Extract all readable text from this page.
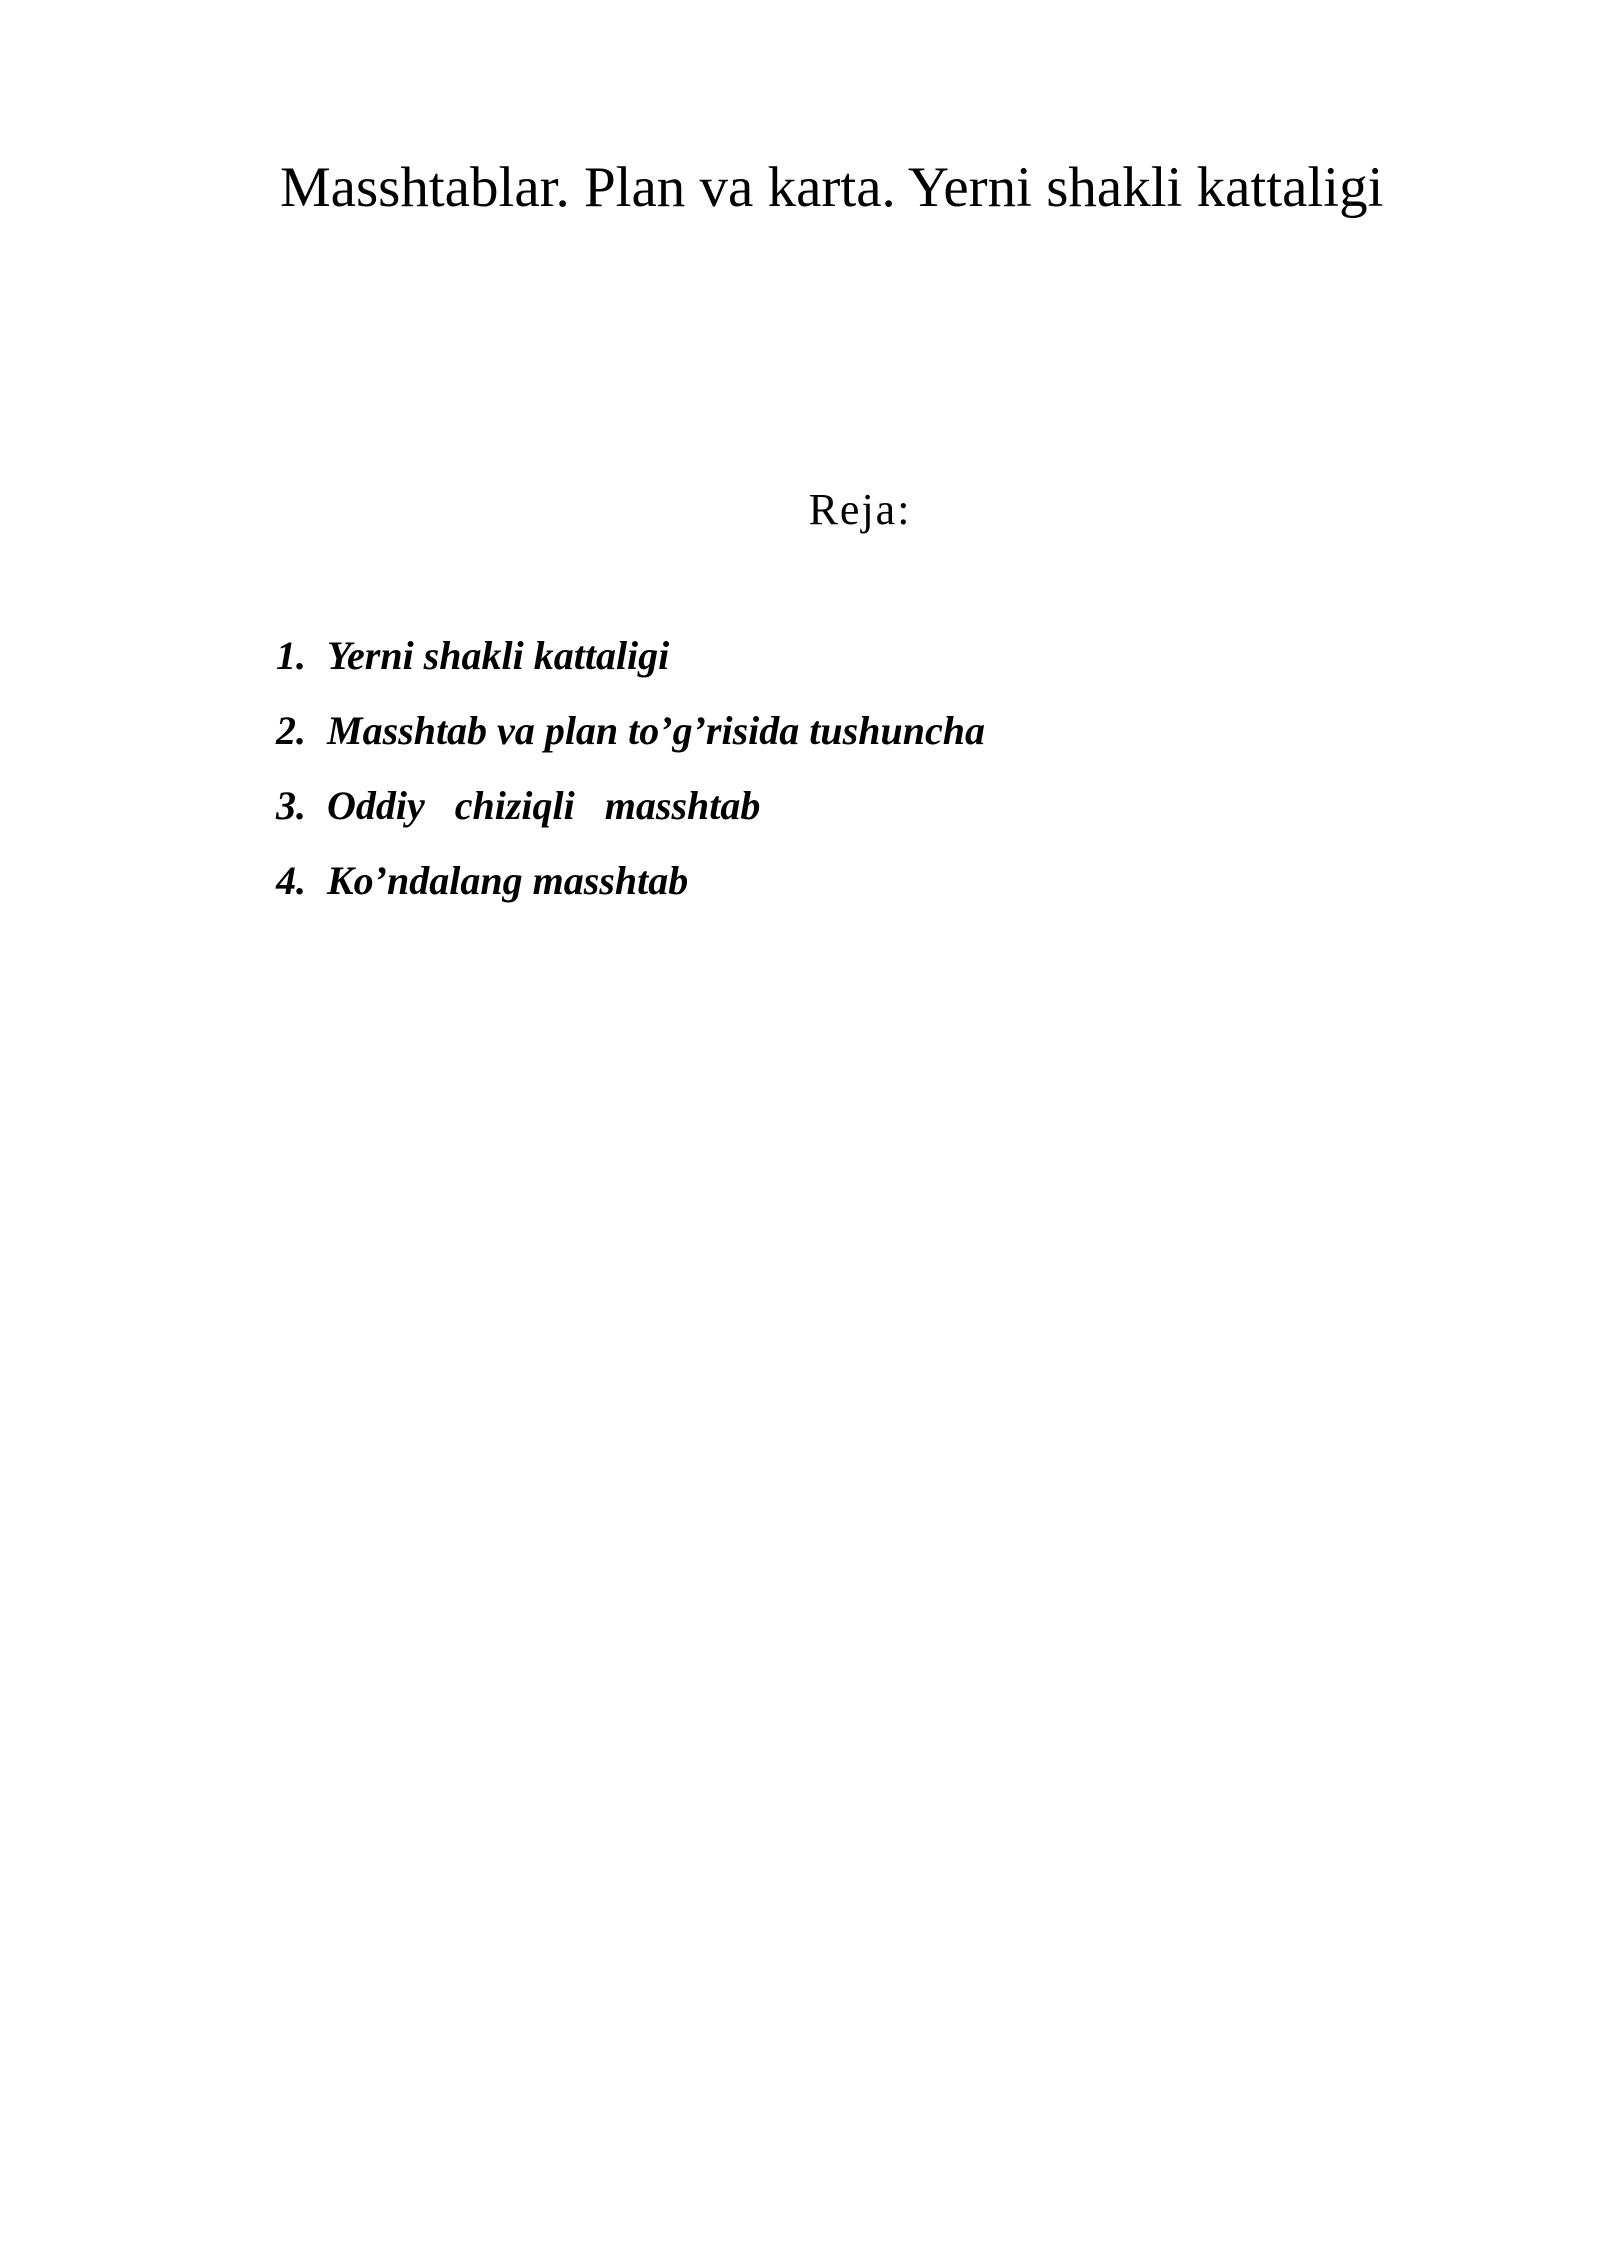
Masshtablar. Plan va karta. Yerni shakli kattaligi
Reja:
1. Yerni shakli kattaligi
2. Masshtab va plan to’g’risida tushuncha
3. Oddiy   chiziqli   masshtab
4. Ko’ndalang masshtab
